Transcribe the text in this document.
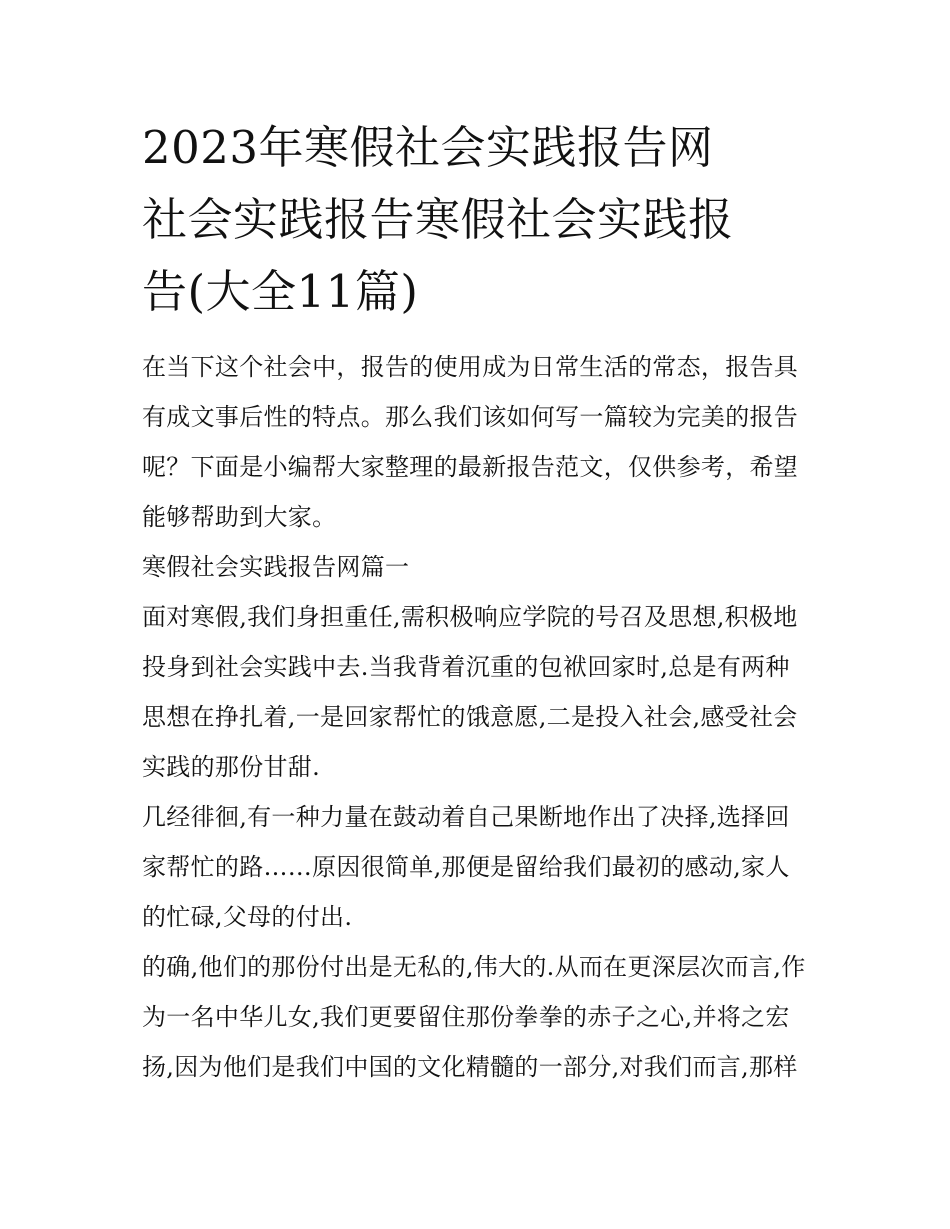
2023年寒假社会实践报告网
社会实践报告寒假社会实践报
告(大全11篇)

在当下这个社会中，报告的使用成为日常生活的常态，报告具
有成文事后性的特点。那么我们该如何写一篇较为完美的报告
呢？下面是小编帮大家整理的最新报告范文，仅供参考，希望
能够帮助到大家。

寒假社会实践报告网篇一

面对寒假,我们身担重任,需积极响应学院的号召及思想,积极地
投身到社会实践中去.当我背着沉重的包袱回家时,总是有两种
思想在挣扎着,一是回家帮忙的饿意愿,二是投入社会,感受社会
实践的那份甘甜.

几经徘徊,有一种力量在鼓动着自己果断地作出了决择,选择回
家帮忙的路……原因很简单,那便是留给我们最初的感动,家人
的忙碌,父母的付出.

的确,他们的那份付出是无私的,伟大的.从而在更深层次而言,作
为一名中华儿女,我们更要留住那份拳拳的赤子之心,并将之宏
扬,因为他们是我们中国的文化精髓的一部分,对我们而言,那样
